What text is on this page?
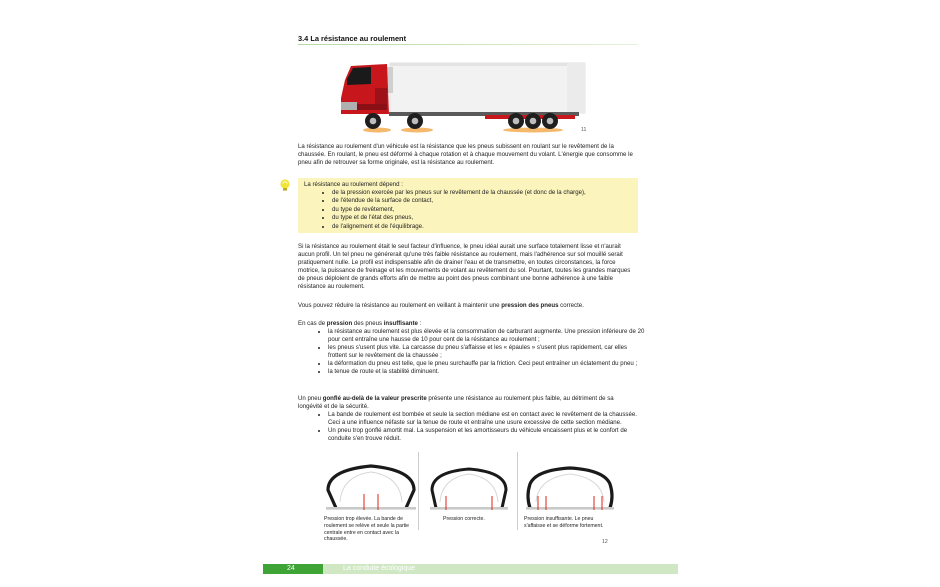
3.4 La résistance au roulement
11

La résistance au roulement d'un véhicule est la résistance que les pneus subissent en roulant sur le revêtement de la chaussée. En roulant, le pneu est déformé à chaque rotation et à chaque mouvement du volant. L'énergie que consomme le pneu afin de retrouver sa forme originale, est la résistance au roulement.

La résistance au roulement dépend :
• de la pression exercée par les pneus sur le revêtement de la chaussée (et donc de la charge),
• de l'étendue de la surface de contact,
• du type de revêtement,
• du type et de l'état des pneus,
• de l'alignement et de l'équilibrage.

Si la résistance au roulement était le seul facteur d'influence, le pneu idéal aurait une surface totalement lisse et n'aurait aucun profil. Un tel pneu ne générerait qu'une très faible résistance au roulement, mais l'adhérence sur sol mouillé serait pratiquement nulle. Le profil est indispensable afin de drainer l'eau et de transmettre, en toutes circonstances, la force motrice, la puissance de freinage et les mouvements de volant au revêtement du sol. Pourtant, toutes les grandes marques de pneus déploient de grands efforts afin de mettre au point des pneus combinant une bonne adhérence à une faible résistance au roulement.

Vous pouvez réduire la résistance au roulement en veillant à maintenir une pression des pneus correcte.

En cas de pression des pneus insuffisante :

• la résistance au roulement est plus élevée et la consommation de carburant augmente. Une pression inférieure de 20 pour cent entraîne une hausse de 10 pour cent de la résistance au roulement ;
• les pneus s'usent plus vite. La carcasse du pneu s'affaisse et les « épaules » s'usent plus rapidement, car elles frottent sur le revêtement de la chaussée ;
• la déformation du pneu est telle, que le pneu surchauffe par la friction. Ceci peut entraîner un éclatement du pneu ;
• la tenue de route et la stabilité diminuent.

Un pneu gonflé au-delà de la valeur prescrite présente une résistance au roulement plus faible, au détriment de sa longévité et de la sécurité.

• La bande de roulement est bombée et seule la section médiane est en contact avec le revêtement de la chaussée. Ceci a une influence néfaste sur la tenue de route et entraîne une usure excessive de cette section médiane.
• Un pneu trop gonflé amortit mal. La suspension et les amortisseurs du véhicule encaissent plus et le confort de conduite s'en trouve réduit.
Pression trop élevée. La bande de roulement se relève et seule la partie centrale entre en contact avec la chaussée.
Pression correcte.	Pression insuffisante. Le pneu s'affaisse et se déforme fortement.
12
24	La conduite écologique
